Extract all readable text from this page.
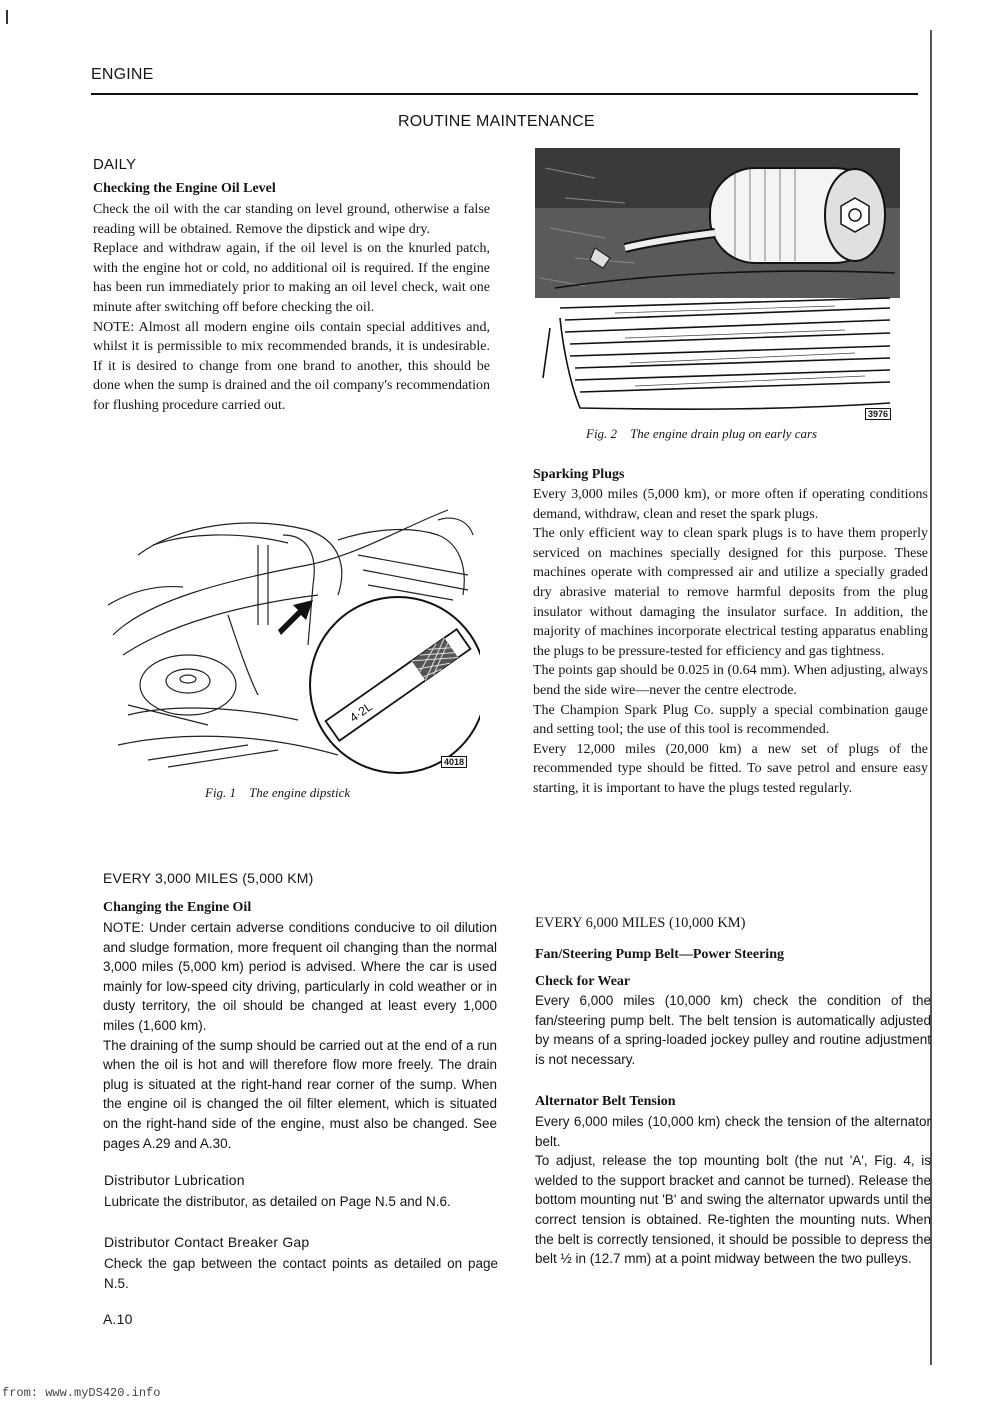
ENGINE
ROUTINE MAINTENANCE
DAILY
Checking the Engine Oil Level

Check the oil with the car standing on level ground, otherwise a false reading will be obtained. Remove the dipstick and wipe dry.

Replace and withdraw again, if the oil level is on the knurled patch, with the engine hot or cold, no additional oil is required. If the engine has been run immediately prior to making an oil level check, wait one minute after switching off before checking the oil.

NOTE: Almost all modern engine oils contain special additives and, whilst it is permissible to mix recommended brands, it is undesirable. If it is desired to change from one brand to another, this should be done when the sump is drained and the oil company's recommendation for flushing procedure carried out.

4·2L
4018
Fig. 1 The engine dipstick
EVERY 3,000 MILES (5,000 KM)
Changing the Engine Oil

NOTE: Under certain adverse conditions conducive to oil dilution and sludge formation, more frequent oil changing than the normal 3,000 miles (5,000 km) period is advised. Where the car is used mainly for low-speed city driving, particularly in cold weather or in dusty territory, the oil should be changed at least every 1,000 miles (1,600 km).

The draining of the sump should be carried out at the end of a run when the oil is hot and will therefore flow more freely. The drain plug is situated at the right-hand rear corner of the sump. When the engine oil is changed the oil filter element, which is situated on the right-hand side of the engine, must also be changed. See pages A.29 and A.30.

Distributor Lubrication
Lubricate the distributor, as detailed on Page N.5 and N.6.
Distributor Contact Breaker Gap
Check the gap between the contact points as detailed on page N.5.
A.10
3976
Fig. 2 The engine drain plug on early cars
Sparking Plugs

Every 3,000 miles (5,000 km), or more often if operating conditions demand, withdraw, clean and reset the spark plugs.

The only efficient way to clean spark plugs is to have them properly serviced on machines specially designed for this purpose. These machines operate with compressed air and utilize a specially graded dry abrasive material to remove harmful deposits from the plug insulator without damaging the insulator surface. In addition, the majority of machines incorporate electrical testing apparatus enabling the plugs to be pressure-tested for efficiency and gas tightness.

The points gap should be 0.025 in (0.64 mm). When adjusting, always bend the side wire—never the centre electrode.

The Champion Spark Plug Co. supply a special combination gauge and setting tool; the use of this tool is recommended.

Every 12,000 miles (20,000 km) a new set of plugs of the recommended type should be fitted. To save petrol and ensure easy starting, it is important to have the plugs tested regularly.

EVERY 6,000 MILES (10,000 KM)
Fan/Steering Pump Belt—Power Steering
Check for Wear
Every 6,000 miles (10,000 km) check the condition of the fan/steering pump belt. The belt tension is automatically adjusted by means of a spring-loaded jockey pulley and routine adjustment is not necessary.
Alternator Belt Tension

Every 6,000 miles (10,000 km) check the tension of the alternator belt.

To adjust, release the top mounting bolt (the nut 'A', Fig. 4, is welded to the support bracket and cannot be turned). Release the bottom mounting nut 'B' and swing the alternator upwards until the correct tension is obtained. Re-tighten the mounting nuts. When the belt is correctly tensioned, it should be possible to depress the belt ½ in (12.7 mm) at a point midway between the two pulleys.

from: www.myDS420.info
